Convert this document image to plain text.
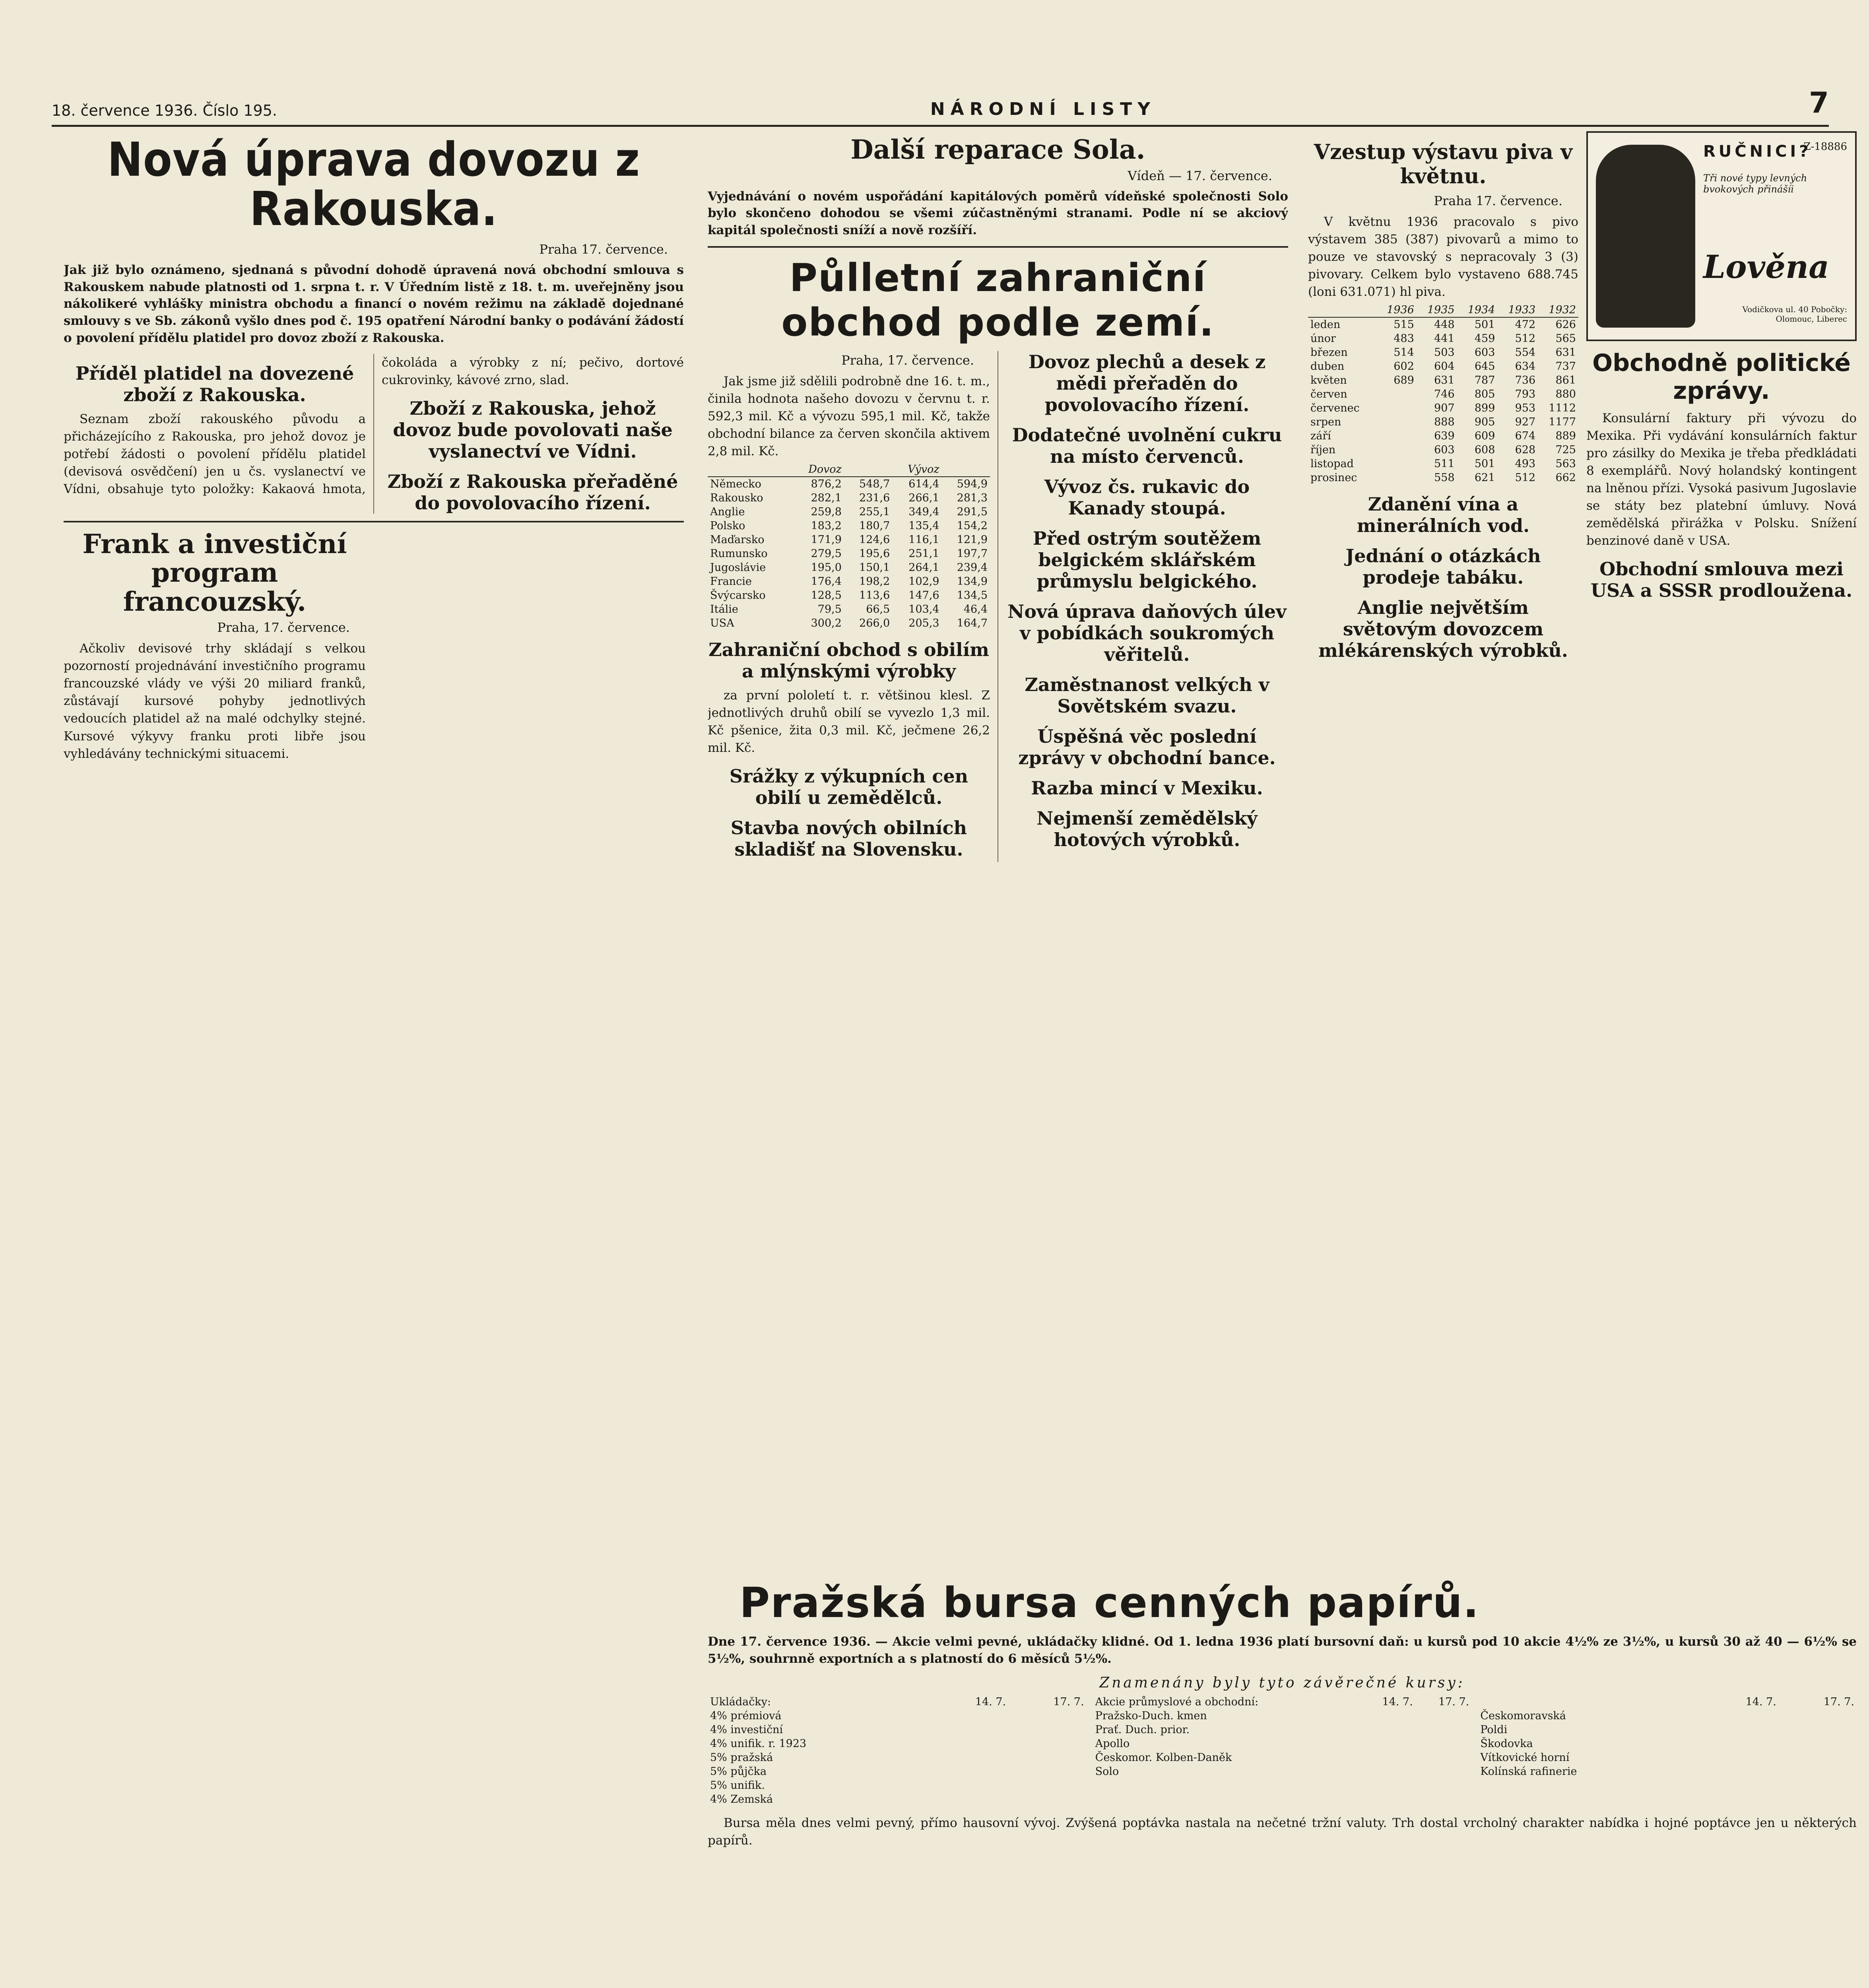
18. července 1936. Číslo 195.	NÁRODNÍ LISTY	7
Nová úprava dovozu z Rakouska.
Praha 17. července.

Jak již bylo oznámeno, sjednaná s původní dohodě úpravená nová obchodní smlouva s Rakouskem nabude platnosti od 1. srpna t. r. V Úředním listě z 18. t. m. uveřejněny jsou nákolikeré vyhlášky ministra obchodu a financí o novém režimu na základě dojednané smlouvy s ve Sb. zákonů vyšlo dnes pod č. 195 opatření Národní banky o podávání žádostí o povolení přídělu platidel pro dovoz zboží z Rakouska.

Příděl platidel na dovezené zboží z Rakouska.

Seznam zboží rakouského původu a přicházejícího z Rakouska, pro jehož dovoz je potřebí žádosti o povolení přídělu platidel (devisová osvědčení) jen u čs. vyslanectví ve Vídni, obsahuje tyto položky: Kakaová hmota, čokoláda a výrobky z ní; pečivo, dortové cukrovinky, kávové zrno, slad.

Zboží z Rakouska, jehož dovoz bude povolovati naše vyslanectví ve Vídni.
Zboží z Rakouska přeřaděné do povolovacího řízení.
Frank a investiční program francouzský.
Praha, 17. července.

Ačkoliv devisové trhy skládají s velkou pozorností projednávání investičního programu francouzské vlády ve výši 20 miliard franků, zůstávají kursové pohyby jednotlivých vedoucích platidel až na malé odchylky stejné. Kursové výkyvy franku proti libře jsou vyhledávány technickými situacemi.

Další reparace Sola.
Vídeň — 17. července.

Vyjednávání o novém uspořádání kapitálových poměrů vídeňské společnosti Solo bylo skončeno dohodou se všemi zúčastněnými stranami. Podle ní se akciový kapitál společnosti sníží a nově rozšíří.

Půlletní zahraniční obchod podle zemí.
Praha, 17. července.

Jak jsme již sdělili podrobně dne 16. t. m., činila hodnota našeho dovozu v červnu t. r. 592,3 mil. Kč a vývozu 595,1 mil. Kč, takže obchodní bilance za červen skončila aktivem 2,8 mil. Kč.

	Dovoz		Vývoz	
Německo	876,2	548,7	614,4	594,9
Rakousko	282,1	231,6	266,1	281,3
Anglie	259,8	255,1	349,4	291,5
Polsko	183,2	180,7	135,4	154,2
Maďarsko	171,9	124,6	116,1	121,9
Rumunsko	279,5	195,6	251,1	197,7
Jugoslávie	195,0	150,1	264,1	239,4
Francie	176,4	198,2	102,9	134,9
Švýcarsko	128,5	113,6	147,6	134,5
Itálie	79,5	66,5	103,4	46,4
USA	300,2	266,0	205,3	164,7
Zahraniční obchod s obilím a mlýnskými výrobky

za první pololetí t. r. většinou klesl. Z jednotlivých druhů obilí se vyvezlo 1,3 mil. Kč pšenice, žita 0,3 mil. Kč, ječmene 26,2 mil. Kč.

Srážky z výkupních cen obilí u zemědělců.
Stavba nových obilních skladišť na Slovensku.
Dovoz plechů a desek z mědi přeřaděn do povolovacího řízení.
Dodatečné uvolnění cukru na místo červenců.
Vývoz čs. rukavic do Kanady stoupá.
Před ostrým soutěžem belgickém sklářském průmyslu belgického.
Nová úprava daňových úlev v pobídkách soukromých věřitelů.
Zaměstnanost velkých v Sovětském svazu.
Úspěšná věc poslední zprávy v obchodní bance.
Razba mincí v Mexiku.
Nejmenší zemědělský hotových výrobků.
Vzestup výstavu piva v květnu.
Praha 17. července.

V květnu 1936 pracovalo s pivo výstavem 385 (387) pivovarů a mimo to pouze ve stavovský s nepracovaly 3 (3) pivovary. Celkem bylo vystaveno 688.745 (loni 631.071) hl piva.

	1936	1935	1934	1933	1932
leden	515	448	501	472	626
únor	483	441	459	512	565
březen	514	503	603	554	631
duben	602	604	645	634	737
květen	689	631	787	736	861
červen		746	805	793	880
červenec		907	899	953	1112
srpen		888	905	927	1177
září		639	609	674	889
říjen		603	608	628	725
listopad		511	501	493	563
prosinec		558	621	512	662
Zdanění vína a minerálních vod.
Jednání o otázkách prodeje tabáku.
Anglie největším světovým dovozcem mlékárenských výrobků.
RUČNICI?
Z-18886
Tři nové typy levných bvokových přinášíi
Lověna
Vodičkova ul. 40 Pobočky: Olomouc, Liberec
Obchodně politické zprávy.

Konsulární faktury při vývozu do Mexika. Při vydávání konsulárních faktur pro zásilky do Mexika je třeba předkládati 8 exemplářů. Nový holandský kontingent na lněnou přízi. Vysoká pasivum Jugoslavie se státy bez platební úmluvy. Nová zemědělská přirážka v Polsku. Snížení benzinové daně v USA.

Obchodní smlouva mezi USA a SSSR prodloužena.
Pražská bursa cenných papírů.

Dne 17. července 1936. — Akcie velmi pevné, ukládačky klidné. Od 1. ledna 1936 platí bursovní daň: u kursů pod 10 akcie 4½% ze 3½%, u kursů 30 až 40 — 6½% se 5½%, souhrnně exportních a s platností do 6 měsíců 5½%.

Znamenány byly tyto závěrečné kursy:
Ukládačky:	14. 7.	17. 7.
4% prémiová		
4% investiční		
4% unifik. r. 1923		
5% pražská		
5% půjčka		
5% unifik.		
4% Zemská		
Akcie průmyslové a obchodní:	14. 7.	17. 7.
Pražsko-Duch. kmen		
Prať. Duch. prior.		
Apollo		
Českomor. Kolben-Daněk		
Solo		
	14. 7.	17. 7.
Českomoravská		
Poldi		
Škodovka		
Vítkovické horní		
Kolínská rafinerie		

Bursa měla dnes velmi pevný, přímo hausovní vývoj. Zvýšená poptávka nastala na nečetné tržní valuty. Trh dostal vrcholný charakter nabídka i hojné poptávce jen u některých papírů.
